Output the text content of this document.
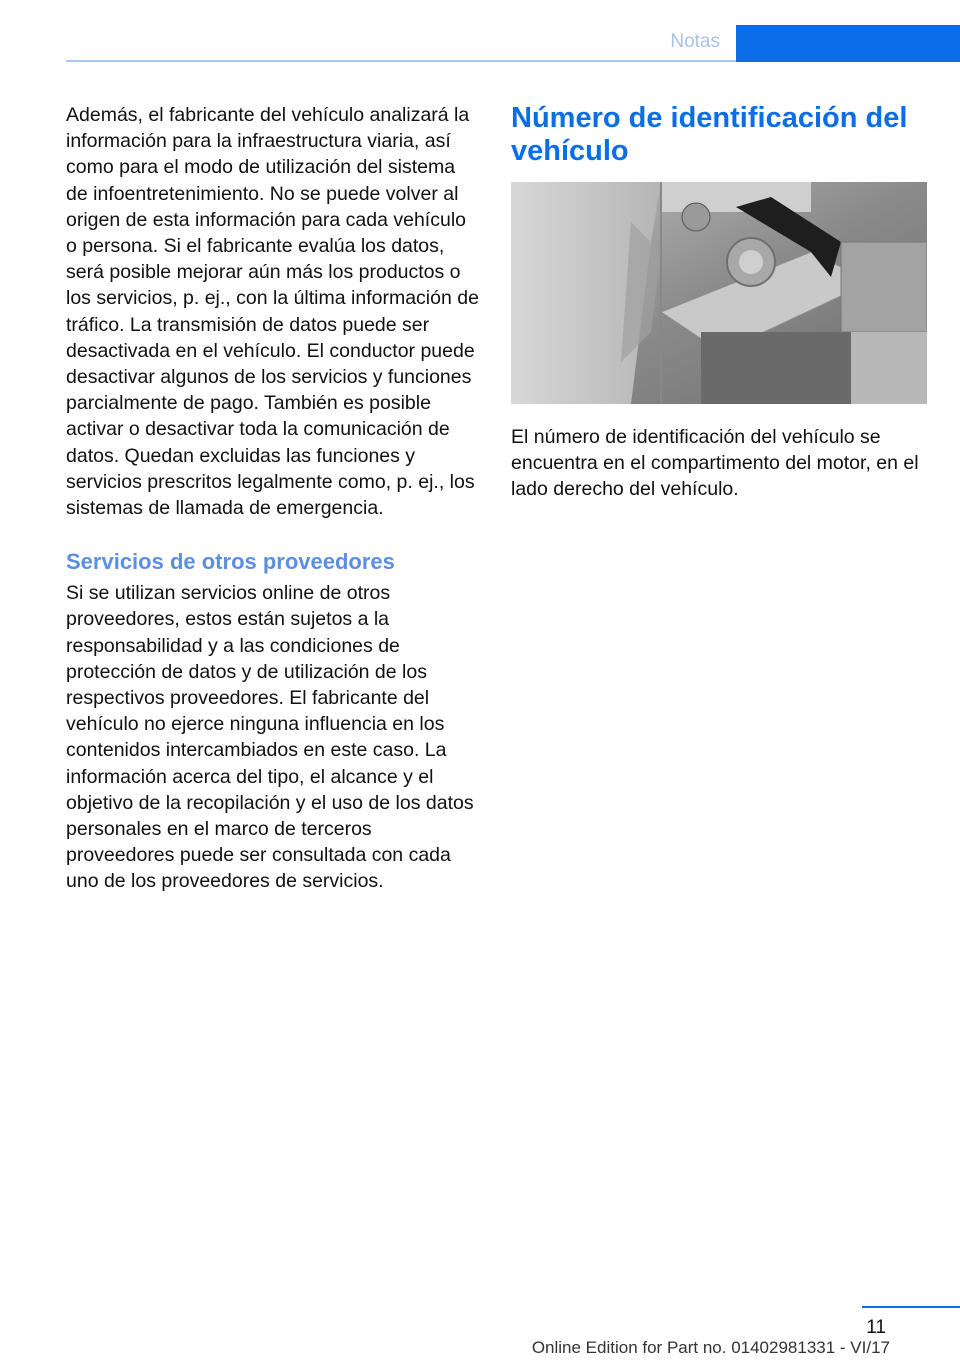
Notas

Además, el fabricante del vehículo analizará la información para la infraestructura viaria, así como para el modo de utilización del sistema de infoentretenimiento. No se puede volver al origen de esta información para cada vehículo o persona. Si el fabricante evalúa los datos, será posible mejorar aún más los productos o los servicios, p. ej., con la última información de tráfico. La transmisión de datos puede ser desactivada en el vehículo. El conductor puede desactivar algunos de los servicios y funciones parcialmente de pago. También es posible activar o desactivar toda la comunicación de datos. Quedan excluidas las funciones y servicios prescritos legalmente como, p. ej., los sistemas de llamada de emergencia.

Servicios de otros proveedores

Si se utilizan servicios online de otros proveedores, estos están sujetos a la responsabilidad y a las condiciones de protección de datos y de utilización de los respectivos proveedores. El fabricante del vehículo no ejerce ninguna influencia en los contenidos intercambiados en este caso. La información acerca del tipo, el alcance y el objetivo de la recopilación y el uso de los datos personales en el marco de terceros proveedores puede ser consultada con cada uno de los proveedores de servicios.

Número de identificación del vehículo

El número de identificación del vehículo se encuentra en el compartimento del motor, en el lado derecho del vehículo.

11
Online Edition for Part no. 01402981331 - VI/17
